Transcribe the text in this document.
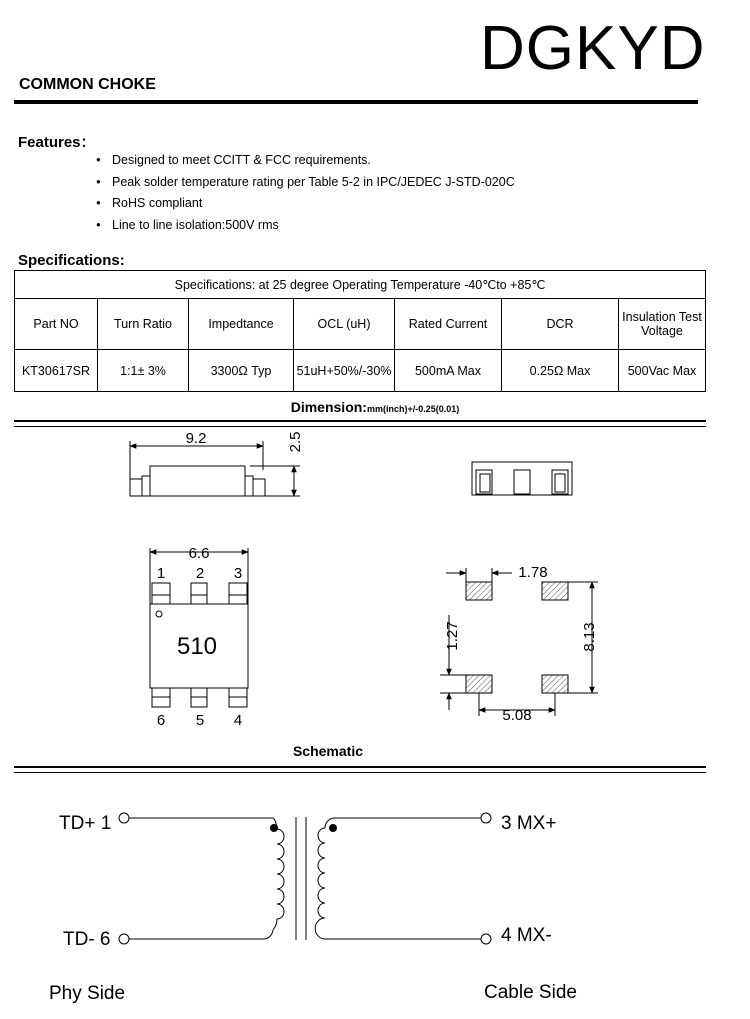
DGKYD
COMMON CHOKE
Features：
● Designed to meet CCITT & FCC requirements.
● Peak solder temperature rating per Table 5-2 in IPC/JEDEC J-STD-020C
● RoHS compliant
● Line to line isolation:500V rms
Specifications:
Specifications: at 25 degree Operating Temperature -40℃to +85℃						
Part NO	Turn Ratio	Impedtance	OCL (uH)	Rated Current	DCR	Insulation Test Voltage
KT30617SR	1:1± 3%	3300Ω Typ	51uH+50%/-30%	500mA Max	0.25Ω Max	500Vac Max
Dimension:mm(inch)+/-0.25(0.01)
Schematic
9.2	2.5
6.6
1 2 3
6 5 4
510
1.78
1.27	8.13
5.08
TD+ 1
TD- 6
3 MX+
4 MX-
Phy Side	Cable Side
